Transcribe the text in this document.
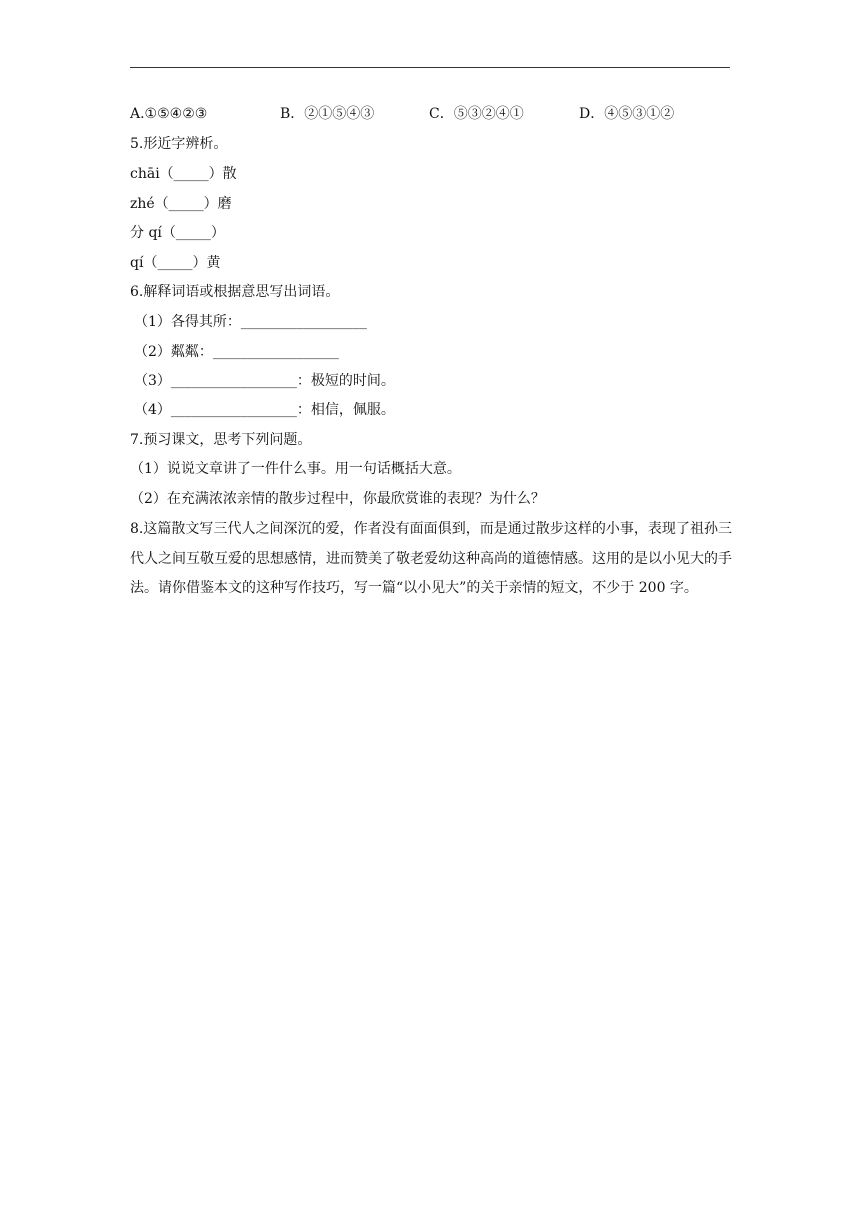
A.①⑤④②③	B．②①⑤④③	C．⑤③②④①	D．④⑤③①②
5.形近字辨析。
chāi（_____）散
zhé（_____）磨
分 qí（_____）
qí（_____）黄
6.解释词语或根据意思写出词语。
（1）各得其所：__________________
（2）粼粼：__________________
（3）__________________：极短的时间。
（4）__________________：相信，佩服。
7.预习课文，思考下列问题。
（1）说说文章讲了一件什么事。用一句话概括大意。
（2）在充满浓浓亲情的散步过程中，你最欣赏谁的表现？为什么？
8.这篇散文写三代人之间深沉的爱，作者没有面面俱到，而是通过散步这样的小事，表现了祖孙三代人之间互敬互爱的思想感情，进而赞美了敬老爱幼这种高尚的道德情感。这用的是以小见大的手法。请你借鉴本文的这种写作技巧，写一篇“以小见大”的关于亲情的短文，不少于 200 字。
